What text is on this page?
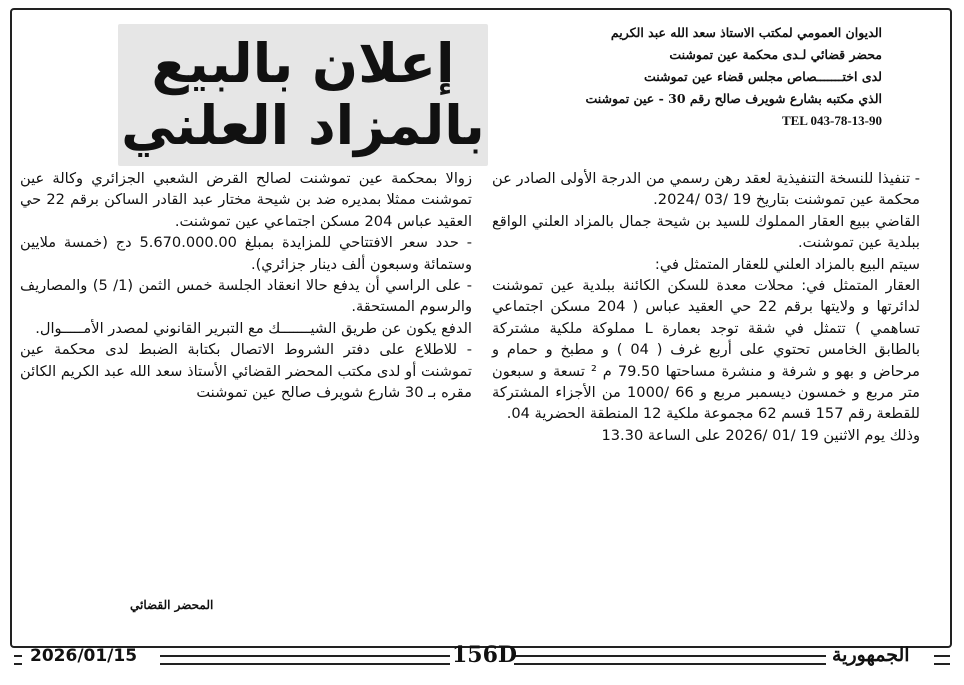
الديوان العمومي لمكتب الاستاذ سعد الله عبد الكريم
محضر قضائي لـدى محكمة عين تموشنت
لدى اختـــــــصاص مجلس قضاء عين تموشنت
الذي مكتبه بشارع شويرف صالح رقم 30 - عين تموشنت
TEL 043-78-13-90
إعلان بالبيع
بالمزاد العلني

- تنفيذا للنسخة التنفيذية لعقد رهن رسمي من الدرجة الأولى الصادر عن محكمة عين تموشنت بتاريخ 19 /03 /2024.

القاضي ببيع العقار المملوك للسيد بن شيحة جمال بالمزاد العلني الواقع ببلدية عين تموشنت.

سيتم البيع بالمزاد العلني للعقار المتمثل في:

العقار المتمثل في: محلات معدة للسكن الكائنة ببلدية عين تموشنت لدائرتها و ولايتها برقم 22 حي العقيد عباس ( 204 مسكن اجتماعي تساهمي ) تتمثل في شقة توجد بعمارة L مملوكة ملكية مشتركة بالطابق الخامس تحتوي على أربع غرف ( 04 ) و مطبخ و حمام و مرحاض و بهو و شرفة و منشرة مساحتها 79.50 م ² تسعة و سبعون متر مربع و خمسون ديسمبر مربع و 66 /1000 من الأجزاء المشتركة للقطعة رقم 157 قسم 62 مجموعة ملكية 12 المنطقة الحضرية 04.

وذلك يوم الاثنين 19 /01 /2026 على الساعة 13.30

زوالا بمحكمة عين تموشنت لصالح القرض الشعبي الجزائري وكالة عين تموشنت ممثلا بمديره ضد بن شيحة مختار عبد القادر الساكن برقم 22 حي العقيد عباس 204 مسكن اجتماعي عين تموشنت.

- حدد سعر الافتتاحي للمزايدة بمبلغ 5.670.000.00 دج (خمسة ملايين وستمائة وسبعون ألف دينار جزائري).

- على الراسي أن يدفع حالا انعقاد الجلسة خمس الثمن (1/ 5) والمصاريف والرسوم المستحقة.

الدفع يكون عن طريق الشيـــــــك مع التبرير القانوني لمصدر الأمـــــوال.

- للاطلاع على دفتر الشروط الاتصال بكتابة الضبط لدى محكمة عين تموشنت أو لدى مكتب المحضر القضائي الأستاذ سعد الله عبد الكريم الكائن مقره بـ 30 شارع شويرف صالح عين تموشنت

المحضر القضائي
2026/01/15	156D	الجمهورية
